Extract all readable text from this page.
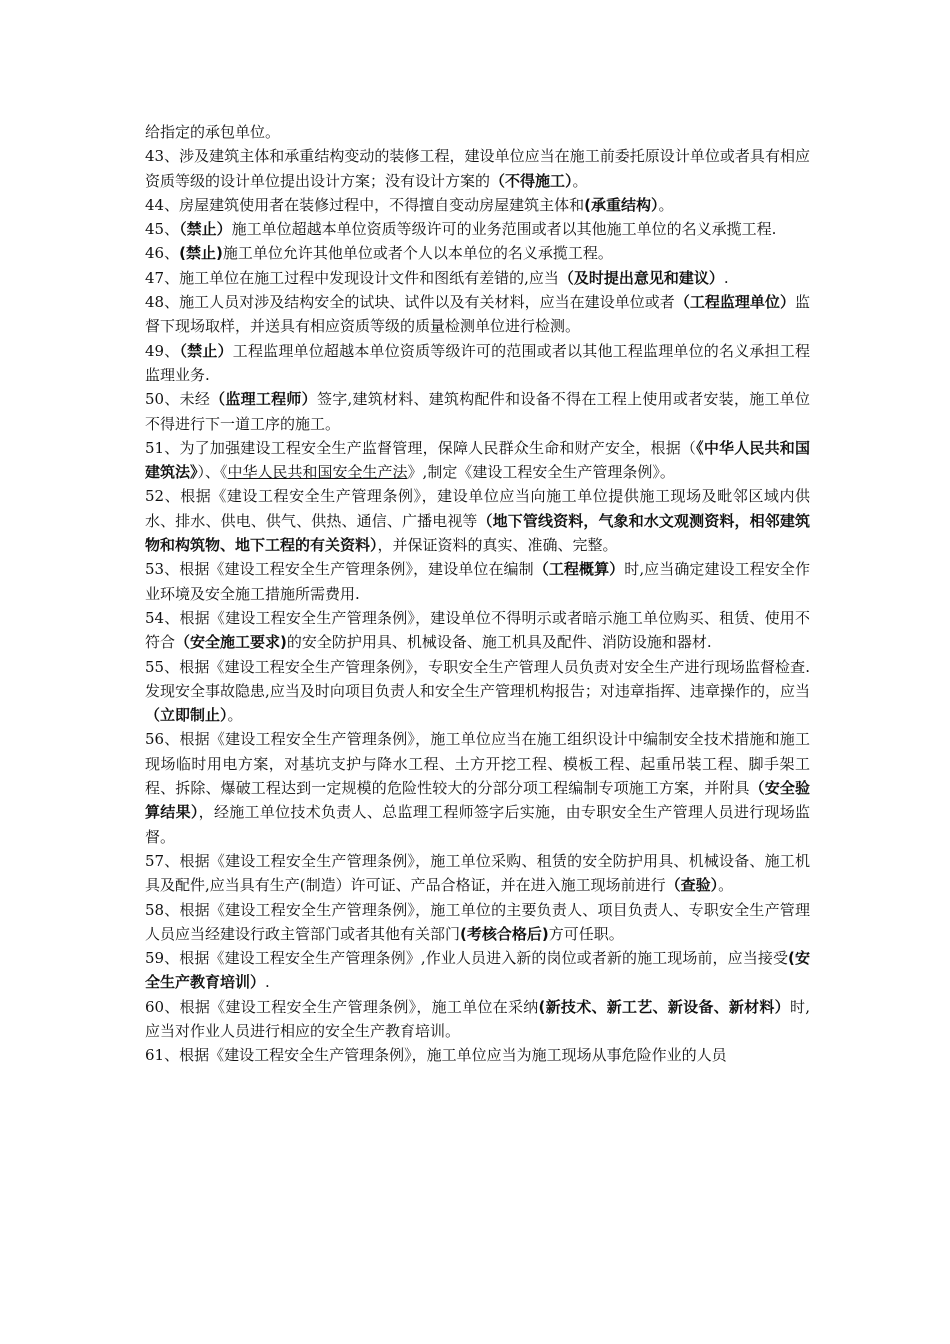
给指定的承包单位。

43、涉及建筑主体和承重结构变动的装修工程，建设单位应当在施工前委托原设计单位或者具有相应资质等级的设计单位提出设计方案；没有设计方案的（不得施工）。

44、房屋建筑使用者在装修过程中，不得擅自变动房屋建筑主体和(承重结构）。

45、（禁止）施工单位超越本单位资质等级许可的业务范围或者以其他施工单位的名义承揽工程.

46、(禁止)施工单位允许其他单位或者个人以本单位的名义承揽工程。

47、施工单位在施工过程中发现设计文件和图纸有差错的,应当（及时提出意见和建议）.

48、施工人员对涉及结构安全的试块、试件以及有关材料，应当在建设单位或者（工程监理单位）监督下现场取样，并送具有相应资质等级的质量检测单位进行检测。

49、（禁止）工程监理单位超越本单位资质等级许可的范围或者以其他工程监理单位的名义承担工程监理业务.

50、未经（监理工程师）签字,建筑材料、建筑构配件和设备不得在工程上使用或者安装，施工单位不得进行下一道工序的施工。

51、为了加强建设工程安全生产监督管理，保障人民群众生命和财产安全，根据（《中华人民共和国建筑法》）、《中华人民共和国安全生产法》,制定《建设工程安全生产管理条例》。

52、根据《建设工程安全生产管理条例》，建设单位应当向施工单位提供施工现场及毗邻区域内供水、排水、供电、供气、供热、通信、广播电视等（地下管线资料，气象和水文观测资料，相邻建筑物和构筑物、地下工程的有关资料），并保证资料的真实、准确、完整。

53、根据《建设工程安全生产管理条例》，建设单位在编制（工程概算）时,应当确定建设工程安全作业环境及安全施工措施所需费用.

54、根据《建设工程安全生产管理条例》，建设单位不得明示或者暗示施工单位购买、租赁、使用不符合（安全施工要求)的安全防护用具、机械设备、施工机具及配件、消防设施和器材.

55、根据《建设工程安全生产管理条例》，专职安全生产管理人员负责对安全生产进行现场监督检查.发现安全事故隐患,应当及时向项目负责人和安全生产管理机构报告；对违章指挥、违章操作的，应当（立即制止）。

56、根据《建设工程安全生产管理条例》，施工单位应当在施工组织设计中编制安全技术措施和施工现场临时用电方案，对基坑支护与降水工程、土方开挖工程、模板工程、起重吊装工程、脚手架工程、拆除、爆破工程达到一定规模的危险性较大的分部分项工程编制专项施工方案，并附具（安全验算结果），经施工单位技术负责人、总监理工程师签字后实施，由专职安全生产管理人员进行现场监督。

57、根据《建设工程安全生产管理条例》，施工单位采购、租赁的安全防护用具、机械设备、施工机具及配件,应当具有生产(制造）许可证、产品合格证，并在进入施工现场前进行（查验）。

58、根据《建设工程安全生产管理条例》，施工单位的主要负责人、项目负责人、专职安全生产管理人员应当经建设行政主管部门或者其他有关部门(考核合格后)方可任职。

59、根据《建设工程安全生产管理条例》,作业人员进入新的岗位或者新的施工现场前，应当接受(安全生产教育培训）.

60、根据《建设工程安全生产管理条例》，施工单位在采纳(新技术、新工艺、新设备、新材料）时,应当对作业人员进行相应的安全生产教育培训。

61、根据《建设工程安全生产管理条例》，施工单位应当为施工现场从事危险作业的人员
